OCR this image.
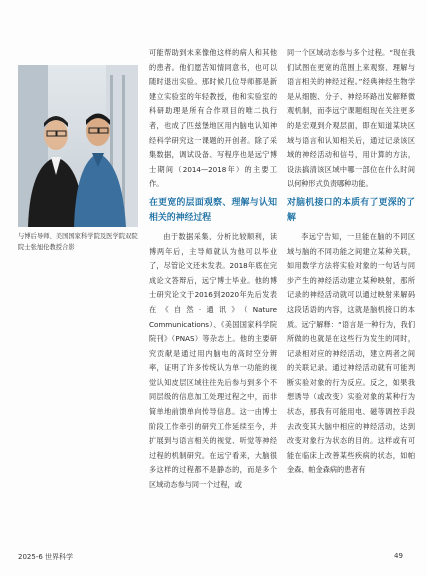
与博后导师、美国国家科学院及医学院双院院士张旭伦教授合影

可能帮助到未来像他这样的病人和其他的患者。他们愿苦知情同意书，也可以随时退出实验。那时候几位导师都是新建立实验室的年轻教授，他和实验室的科研助理是所有合作项目的唯二执行者，也成了匹兹堡地区用内脑电认知神经科学研究这一课题的开创者。除了采集数据，调试设备、写程序也是远宁博士期间（2014—2018年）的主要工作。

在更宽的层面观察、理解与认知相关的神经过程

由于数据采集、分析比较顺利，读博两年后，主导师就认为他可以毕业了，尽管论文还未发表。2018年底在完成论文答辩后，远宁博士毕业。他的博士研究论文于2016到2020年先后发表在《自然·通讯》（Nature Communications）、《美国国家科学院院刊》（PNAS）等杂志上。他的主要研究贡献是通过用内脑电的高时空分辨率，证明了许多传统认为单一功能的视觉认知皮层区域往往先后参与到多个不同层级的信息加工处理过程之中，而非简单地前馈单向传导信息。这一由博士阶段工作牵引的研究工作延续至今，并扩展到与语言相关的视觉、听觉等神经过程的机制研究。在远宁看来，大脑很多这样的过程都不是静态的，而是多个区域动态参与同一个过程，或

同一个区域动态参与多个过程。“现在我们试图在更宽的范围上来观察、理解与语言相关的神经过程。”经典神经生物学是从细胞、分子、神经环路出发解释微观机制，而李远宁课题组现在关注更多的是宏观到介观层面，即在知道某块区域与语言和认知相关后，通过记录该区域的神经活动和信号，用计算的方法，设法搞清该区域中哪一部位在什么时间以何种形式负责哪种功能。

对脑机接口的本质有了更深的了解

李远宁告知，一旦能在脑的不同区域与脑的不同功能之间建立某种关联，如用数学方法将实验对象的一句话与同步产生的神经活动建立某种映射，那所记录的神经活动就可以通过映射来解码这段话语的内容，这就是脑机接口的本质。远宁解释：“语言是一种行为，我们所做的也就是在这些行为发生的同时，记录相对应的神经活动，建立两者之间的关联记录。通过神经活动就有可能判断实验对象的行为反应。反之，如果我想诱导（或改变）实验对象的某种行为状态，那我有可能用电、磁等调控手段去改变其大脑中相应的神经活动，达到改变对象行为状态的目的。这样或有可能在临床上改善某些疾病的状态，如帕金森、帕金森病的患者有

2025-6 世界科学	49
